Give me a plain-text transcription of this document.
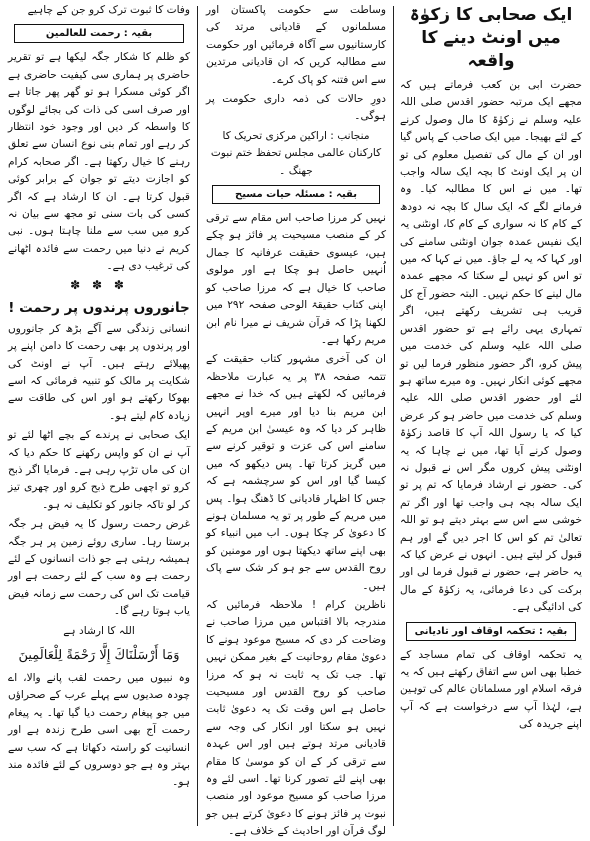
ایک صحابی کا زکوٰۃ میں اونٹ دینے کا واقعہ

حضرت ابی بن کعب فرماتے ہیں کہ مجھے ایک مرتبہ حضور اقدس صلی اللہ علیہ وسلم نے زکوٰۃ کا مال وصول کرنے کے لئے بھیجا۔ میں ایک صاحب کے پاس گیا اور ان کے مال کی تفصیل معلوم کی تو ان پر ایک اونٹ کا بچہ ایک سالہ واجب تھا۔ میں نے اس کا مطالبہ کیا۔ وہ فرمانے لگے کہ ایک سال کا بچہ نہ دودھ کے کام کا نہ سواری کے کام کا، اونٹنی یہ ایک نفیس عمدہ جوان اونٹنی سامنے کی اور کہا کہ یہ لے جاؤ۔ میں نے کہا کہ میں تو اس کو نہیں لے سکتا کہ مجھے عمدہ مال لینے کا حکم نہیں۔ البتہ حضور آج کل قریب ہی تشریف رکھتے ہیں، اگر تمہاری یہی رائے ہے تو حضور اقدس صلی اللہ علیہ وسلم کی خدمت میں پیش کرو، اگر حضور منظور فرما لیں تو مجھے کوئی انکار نہیں۔ وہ میرے ساتھ ہو لئے اور حضور اقدس صلی اللہ علیہ وسلم کی خدمت میں حاضر ہو کر عرض کیا کہ یا رسول اللہ آپ کا قاصد زکوٰۃ وصول کرنے آیا تھا، میں نے چاہا کہ یہ اونٹنی پیش کروں مگر اس نے قبول نہ کی۔ حضور نے ارشاد فرمایا کہ تم پر تو ایک سالہ بچہ ہی واجب تھا اور اگر تم خوشی سے اس سے بہتر دیتے ہو تو اللہ تعالیٰ تم کو اس کا اجر دیں گے اور ہم قبول کر لیتے ہیں۔ انہوں نے عرض کیا کہ یہ حاضر ہے، حضور نے قبول فرما لی اور برکت کی دعا فرمائی، یہ زکوٰۃ کے مال کی ادائیگی ہے۔

بقیہ : تحکمہ اوقاف اور تادیانی

یہ تحکمہ اوقاف کی تمام مساجد کے خطبا بھی اس سے اتفاق رکھتے ہیں کہ یہ فرقہ اسلام اور مسلمانان عالم کی توہین ہے، لہٰذا آپ سے درخواست ہے کہ آپ اپنے جریدہ کی

وساطت سے حکومت پاکستان اور مسلمانوں کے قادیانی مرتد کی کارستانیوں سے آگاہ فرمائیں اور حکومت سے مطالبہ کریں کہ ان قادیانی مرتدین سے اس فتنہ کو پاک کرے۔

دورِ حالات کی ذمہ داری حکومت پر ہوگی۔

منجانب : اراکین مرکزی تحریک کا کارکنان عالمی مجلس تحفظ ختم نبوت جھنگ ۔

بقیہ : مسئلہ حیات مسیح

نہیں کر مرزا صاحب اس مقام سے ترقی کر کے منصب مسیحیت پر فائز ہو چکے ہیں، عیسوی حقیقت عرفانیہ کا جمال اُنہیں حاصل ہو چکا ہے اور مولوی صاحب کا خیال ہے کہ مرزا صاحب کو اپنی کتاب حقیقۃ الوحی صفحہ ۲۹۲ میں لکھنا پڑا کہ قرآن شریف نے میرا نام ابن مریم رکھا ہے۔

ان کی آخری مشہور کتاب حقیقت کے تتمہ صفحہ ۳۸ پر یہ عبارت ملاحظہ فرمائیں کہ لکھتے ہیں کہ خدا نے مجھے ابن مریم بنا دیا اور میرے اوپر انہیں ظاہر کر دیا کہ وہ عیسیٰ ابن مریم کے سامنے اس کی عزت و توقیر کرنے سے میں گریز کرتا تھا۔ پس دیکھو کہ میں کیسا گیا اور اس کو سرچشمہ ہے کہ جس کا اظہار قادیانی کا ڈھنگ ہوا۔ پس میں مریم کے طور پر تو یہ مسلمان ہونے کا دعویٰ کر چکا ہوں۔ اب میں انبیاء کو بھی اپنے ساتھ دیکھتا ہوں اور مومنین کو روح القدس سے جو ہو کر شک سے پاک ہیں۔

ناظرین کرام ! ملاحظہ فرمائیں کہ مندرجہ بالا اقتباس میں مرزا صاحب نے وضاحت کر دی کہ مسیح موعود ہونے کا دعویٰ مقام روحانیت کے بغیر ممکن نہیں تھا۔ جب تک یہ ثابت نہ ہو کہ مرزا صاحب کو روح القدس اور مسیحیت حاصل ہے اس وقت تک یہ دعویٰ ثابت نہیں ہو سکتا اور انکار کی وجہ سے قادیانی مرتد ہوتے ہیں اور اس عہدہ سے ترقی کر کے ان کو موسیٰ کا مقام بھی اپنے لئے تصور کرنا تھا۔ اسی لئے وہ مرزا صاحب کو مسیح موعود اور منصب نبوت پر فائز ہونے کا دعویٰ کرتے ہیں جو لوگ قرآن اور احادیث کے خلاف ہے۔

وفات کا ثبوت ترک کرو جن کے چاہیے

بقیہ : رحمت للعالمین

کو ظلم کا شکار جگہ لیکھا ہے تو تقریر حاضری پر ہماری سی کیفیت حاضری ہے اگر کوئی مسکرا ہو تو گھر پھر جاتا ہے اور صرف اسی کی ذات کی بجائے لوگوں کا واسطہ کر دیں اور وجود خود انتظار کر رہے اور تمام بنی نوع انسان سے تعلق رہنے کا خیال رکھتا ہے۔ اگر صحابہ کرام کو اجازت دیتے تو جوان کے برابر کوئی قبول کرتا ہے۔ ان کا ارشاد ہے کہ اگر کسی کی بات سنی تو مجھ سے بیان نہ کرو میں سب سے ملنا چاہتا ہوں۔ نبی کریم نے دنیا میں رحمت سے فائدہ اٹھانے کی ترغیب دی ہے۔

✽ ✽ ✽
جانوروں پرندوں پر رحمت !

انسانی زندگی سے آگے بڑھ کر جانوروں اور پرندوں پر بھی رحمت کا دامن اپنے پر پھیلائے رہتے ہیں۔ آپ نے اونٹ کی شکایت پر مالک کو تنبیہ فرمائی کہ اسے بھوکا رکھتے ہو اور اس کی طاقت سے زیادہ کام لیتے ہو۔

ایک صحابی نے پرندے کے بچے اٹھا لئے تو آپ نے ان کو واپس رکھنے کا حکم دیا کہ ان کی ماں تڑپ رہی ہے۔ فرمایا اگر ذبح کرو تو اچھی طرح ذبح کرو اور چھری تیز کر لو تاکہ جانور کو تکلیف نہ ہو۔

غرض رحمت رسول کا یہ فیض ہر جگہ برستا رہا۔ ساری روئے زمین پر ہر جگہ ہمیشہ رہتی ہے جو ذات انسانوں کے لئے رحمت ہے وہ سب کے لئے رحمت ہے اور قیامت تک اس کی رحمت سے زمانہ فیض یاب ہوتا رہے گا۔

اللہ کا ارشاد ہے

وَمَا أَرْسَلْنَاكَ إِلَّا رَحْمَةً لِلْعَالَمِينَ

وہ نبیوں میں رحمت لقب پانے والا، اے چودہ صدیوں سے پہلے عرب کے صحراؤں میں جو پیغام رحمت دیا گیا تھا۔ یہ پیغام رحمت آج بھی اسی طرح زندہ ہے اور انسانیت کو راستہ دکھاتا ہے کہ سب سے بہتر وہ ہے جو دوسروں کے لئے فائدہ مند ہو۔
